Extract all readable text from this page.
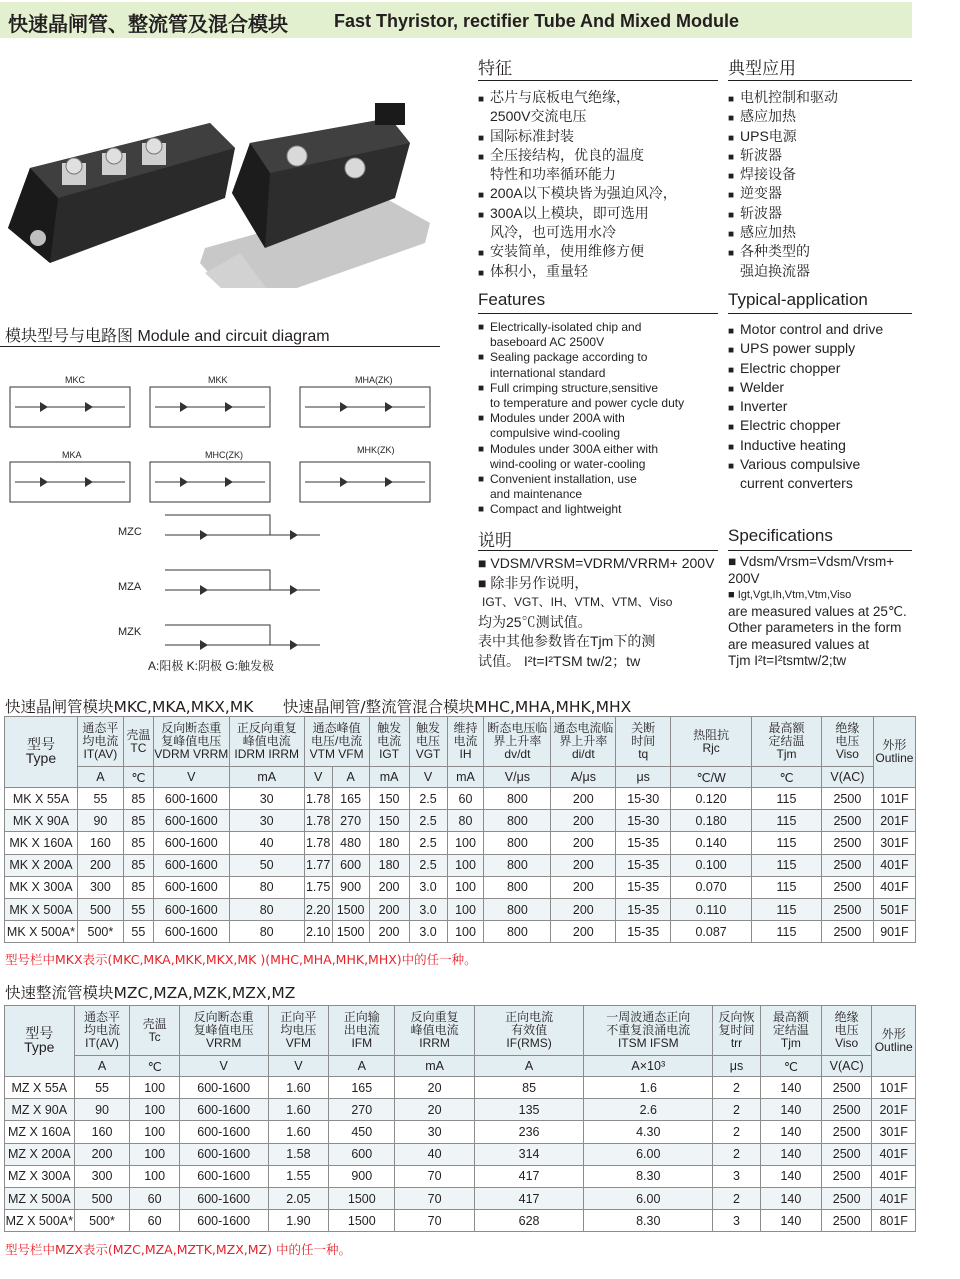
快速晶闸管、整流管及混合模块	Fast Thyristor, rectifier Tube And Mixed Module
特征
■ 芯片与底板电气绝缘，
2500V交流电压
■ 国际标准封装
■ 全压接结构，优良的温度
特性和功率循环能力
■ 200A以下模块皆为强迫风冷，
■ 300A以上模块，即可选用
风冷，也可选用水冷
■ 安装简单，使用维修方便
■ 体积小，重量轻
典型应用
■ 电机控制和驱动
■ 感应加热
■ UPS电源
■ 斩波器
■ 焊接设备
■ 逆变器
■ 斩波器
■ 感应加热
■ 各种类型的
强迫换流器
Features
■ Electrically-isolated chip and
baseboard AC 2500V
■ Sealing package according to
international standard
■ Full crimping structure,sensitive
to temperature and power cycle duty
■ Modules under 200A with
compulsive wind-cooling
■ Modules under 300A either with
wind-cooling or water-cooling
■ Convenient installation, use
and maintenance
■ Compact and lightweight
Typical-application
■ Motor control and drive
■ UPS power supply
■ Electric chopper
■ Welder
■ Inverter
■ Electric chopper
■ Inductive heating
■ Various compulsive
current converters
说明
■ VDSM/VRSM=VDRM/VRRM+ 200V
■ 除非另作说明，
IGT、VGT、IH、VTM、VTM、Viso
均为25℃测试值。
表中其他参数皆在Tjm下的测
试值。 I²t=I²TSM tw/2；tw
Specifications
■ Vdsm/Vrsm=Vdsm/Vrsm+ 200V
■ Igt,Vgt,Ih,Vtm,Vtm,Viso
are measured values at 25℃.
Other parameters in the form
are measured values at
Tjm I²t=I²tsmtw/2;tw
模块型号与电路图 Module and circuit diagram
MKC	MKK	MHA(ZK)
MKA	MHC(ZK)	MHK(ZK)
MZC
MZA
MZK
A:阳极 K:阴极 G:触发极
快速晶闸管模块MKC,MKA,MKX,MK      快速晶闸管/整流管混合模块MHC,MHA,MHK,MHX
型号
Type	通态平
均电流
IT(AV)	壳温
TC	反向断态重
复峰值电压
VDRM VRRM	正反向重复
峰值电流
IDRM IRRM	通态峰值
电压/电流
VTM VFM		触发
电流
IGT	触发
电压
VGT	维持
电流
IH	断态电压临
界上升率
dv/dt	通态电流临
界上升率
di/dt	关断
时间
tq	热阻抗
Rjc	最高额
定结温
Tjm	绝缘
电压
Viso	外形
Outline
	A	℃	V	mA	V	A	mA	V	mA	V/μs	A/μs	μs	℃/W	℃	V(AC)	
MK X 55A	55	85	600-1600	30	1.78	165	150	2.5	60	800	200	15-30	0.120	115	2500	101F
MK X 90A	90	85	600-1600	30	1.78	270	150	2.5	80	800	200	15-30	0.180	115	2500	201F
MK X 160A	160	85	600-1600	40	1.78	480	180	2.5	100	800	200	15-35	0.140	115	2500	301F
MK X 200A	200	85	600-1600	50	1.77	600	180	2.5	100	800	200	15-35	0.100	115	2500	401F
MK X 300A	300	85	600-1600	80	1.75	900	200	3.0	100	800	200	15-35	0.070	115	2500	401F
MK X 500A	500	55	600-1600	80	2.20	1500	200	3.0	100	800	200	15-35	0.110	115	2500	501F
MK X 500A*	500*	55	600-1600	80	2.10	1500	200	3.0	100	800	200	15-35	0.087	115	2500	901F
型号栏中MKX表示(MKC,MKA,MKK,MKX,MK )(MHC,MHA,MHK,MHX)中的任一种。
快速整流管模块MZC,MZA,MZK,MZX,MZ
型号
Type	通态平
均电流
IT(AV)	壳温
Tc	反向断态重
复峰值电压
VRRM	正向平
均电压
VFM	正向输
出电流
IFM	反向重复
峰值电流
IRRM	正向电流
有效值
IF(RMS)	一周波通态正向
不重复浪涌电流
ITSM IFSM	反向恢
复时间
trr	最高额
定结温
Tjm	绝缘
电压
Viso	外形
Outline
	A	℃	V	V	A	mA	A	A×10³	μs	℃	V(AC)	
MZ X 55A	55	100	600-1600	1.60	165	20	85	1.6	2	140	2500	101F
MZ X 90A	90	100	600-1600	1.60	270	20	135	2.6	2	140	2500	201F
MZ X 160A	160	100	600-1600	1.60	450	30	236	4.30	2	140	2500	301F
MZ X 200A	200	100	600-1600	1.58	600	40	314	6.00	2	140	2500	401F
MZ X 300A	300	100	600-1600	1.55	900	70	417	8.30	3	140	2500	401F
MZ X 500A	500	60	600-1600	2.05	1500	70	417	6.00	2	140	2500	401F
MZ X 500A*	500*	60	600-1600	1.90	1500	70	628	8.30	3	140	2500	801F
型号栏中MZX表示(MZC,MZA,MZTK,MZX,MZ) 中的任一种。
